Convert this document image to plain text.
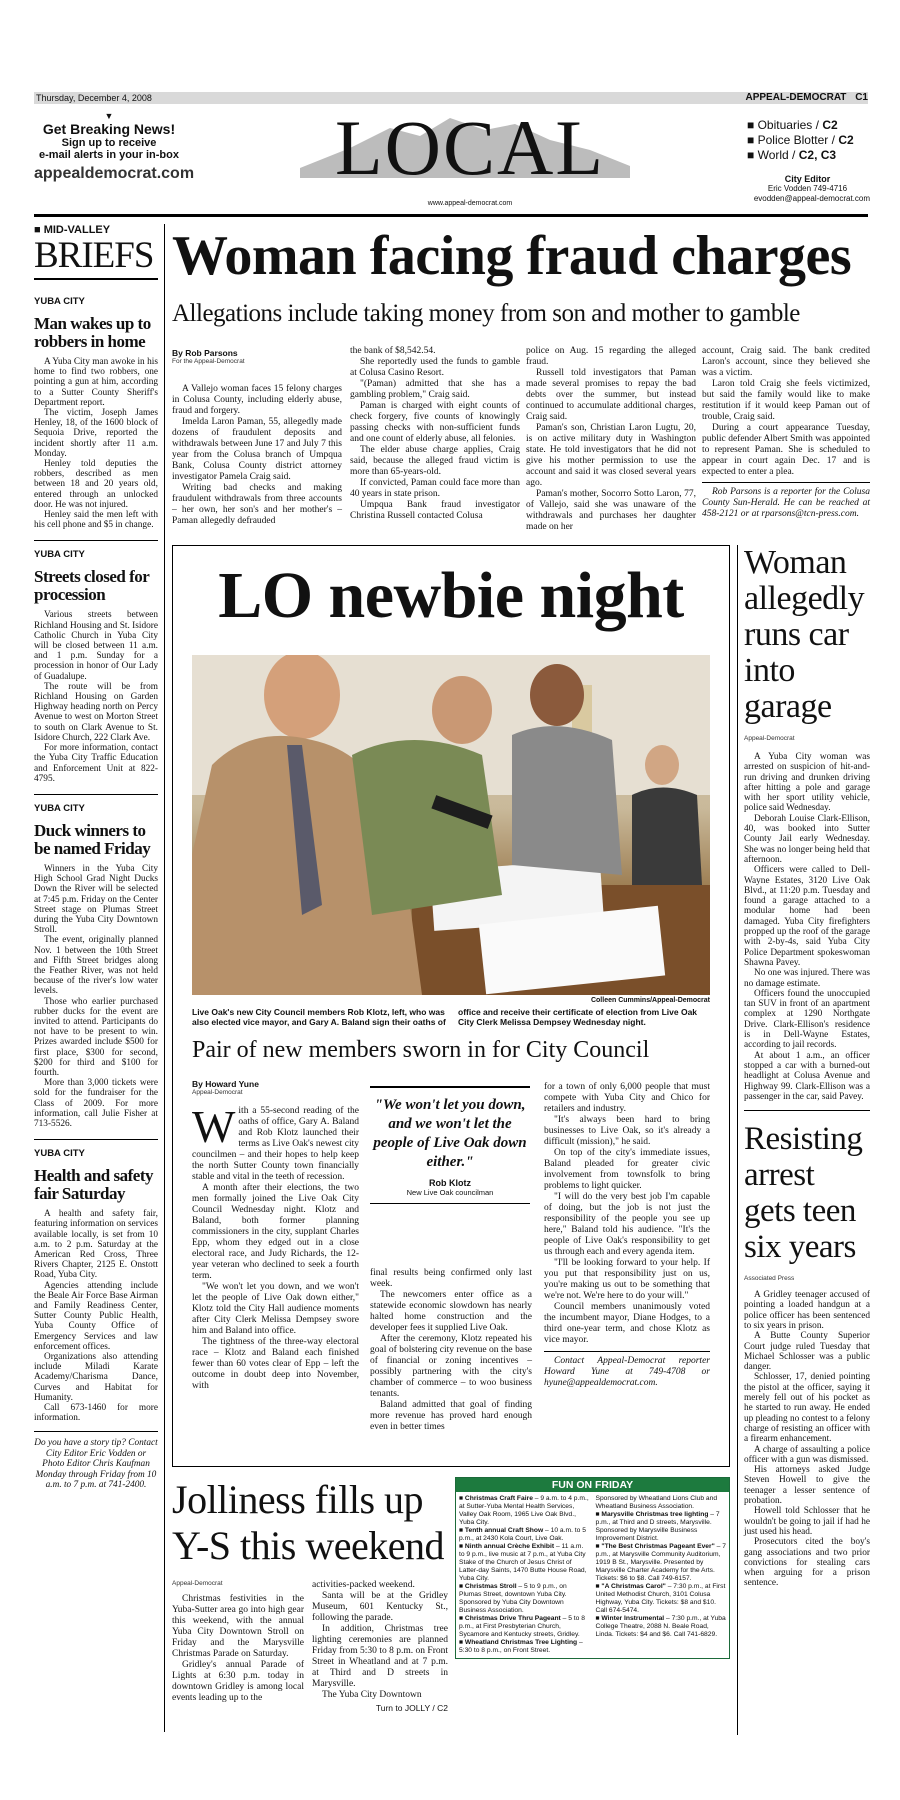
Thursday, December 4, 2008	APPEAL-DEMOCRAT C1
▼
Get Breaking News!
Sign up to receive
e-mail alerts in your in-box
appealdemocrat.com LOCAL
www.appeal-democrat.com
■ Obituaries / C2
■ Police Blotter / C2
■ World / C2, C3
City Editor
Eric Vodden 749-4716
evodden@appeal-democrat.com
■ MID-VALLEY
BRIEFS
YUBA CITY
Man wakes up to robbers in home

A Yuba City man awoke in his home to find two robbers, one pointing a gun at him, according to a Sutter County Sheriff's Department report.

The victim, Joseph James Henley, 18, of the 1600 block of Sequoia Drive, reported the incident shortly after 11 a.m. Monday.

Henley told deputies the robbers, described as men between 18 and 20 years old, entered through an unlocked door. He was not injured.

Henley said the men left with his cell phone and $5 in change.

YUBA CITY
Streets closed for procession

Various streets between Richland Housing and St. Isidore Catholic Church in Yuba City will be closed between 11 a.m. and 1 p.m. Sunday for a procession in honor of Our Lady of Guadalupe.

The route will be from Richland Housing on Garden Highway heading north on Percy Avenue to west on Morton Street to south on Clark Avenue to St. Isidore Church, 222 Clark Ave.

For more information, contact the Yuba City Traffic Education and Enforcement Unit at 822-4795.

YUBA CITY
Duck winners to be named Friday

Winners in the Yuba City High School Grad Night Ducks Down the River will be selected at 7:45 p.m. Friday on the Center Street stage on Plumas Street during the Yuba City Downtown Stroll.

The event, originally planned Nov. 1 between the 10th Street and Fifth Street bridges along the Feather River, was not held because of the river's low water levels.

Those who earlier purchased rubber ducks for the event are invited to attend. Participants do not have to be present to win. Prizes awarded include $500 for first place, $300 for second, $200 for third and $100 for fourth.

More than 3,000 tickets were sold for the fundraiser for the Class of 2009. For more information, call Julie Fisher at 713-5526.

YUBA CITY
Health and safety fair Saturday

A health and safety fair, featuring information on services available locally, is set from 10 a.m. to 2 p.m. Saturday at the American Red Cross, Three Rivers Chapter, 2125 E. Onstott Road, Yuba City.

Agencies attending include the Beale Air Force Base Airman and Family Readiness Center, Sutter County Public Health, Yuba County Office of Emergency Services and law enforcement offices.

Organizations also attending include Miladi Karate Academy/Charisma Dance, Curves and Habitat for Humanity.

Call 673-1460 for more information.

Do you have a story tip? Contact City Editor Eric Vodden or Photo Editor Chris Kaufman Monday through Friday from 10 a.m. to 7 p.m. at 741-2400.
Woman facing fraud charges
Allegations include taking money from son and mother to gamble
By Rob Parsons
For the Appeal-Democrat

A Vallejo woman faces 15 felony charges in Colusa County, including elderly abuse, fraud and forgery.

Imelda Laron Paman, 55, allegedly made dozens of fraudulent deposits and withdrawals between June 17 and July 7 this year from the Colusa branch of Umpqua Bank, Colusa County district attorney investigator Pamela Craig said.

Writing bad checks and making fraudulent withdrawals from three accounts – her own, her son's and her mother's – Paman allegedly defrauded

the bank of $8,542.54.

She reportedly used the funds to gamble at Colusa Casino Resort.

"(Paman) admitted that she has a gambling problem," Craig said.

Paman is charged with eight counts of check forgery, five counts of knowingly passing checks with non-sufficient funds and one count of elderly abuse, all felonies.

The elder abuse charge applies, Craig said, because the alleged fraud victim is more than 65-years-old.

If convicted, Paman could face more than 40 years in state prison.

Umpqua Bank fraud investigator Christina Russell contacted Colusa

police on Aug. 15 regarding the alleged fraud.

Russell told investigators that Paman made several promises to repay the bad debts over the summer, but instead continued to accumulate additional charges, Craig said.

Paman's son, Christian Laron Lugtu, 20, is on active military duty in Washington state. He told investigators that he did not give his mother permission to use the account and said it was closed several years ago.

Paman's mother, Socorro Sotto Laron, 77, of Vallejo, said she was unaware of the withdrawals and purchases her daughter made on her

account, Craig said. The bank credited Laron's account, since they believed she was a victim.

Laron told Craig she feels victimized, but said the family would like to make restitution if it would keep Paman out of trouble, Craig said.

During a court appearance Tuesday, public defender Albert Smith was appointed to represent Paman. She is scheduled to appear in court again Dec. 17 and is expected to enter a plea.

Rob Parsons is a reporter for the Colusa County Sun-Herald. He can be reached at 458-2121 or at rparsons@tcn-press.com.

LO newbie night
Colleen Cummins/Appeal-Democrat
Live Oak's new City Council members Rob Klotz, left, who was also elected vice mayor, and Gary A. Baland sign their oaths of
office and receive their certificate of election from Live Oak City Clerk Melissa Dempsey Wednesday night.
Pair of new members sworn in for City Council
By Howard Yune
Appeal-Democrat
W ith a 55-second reading of the oaths of office, Gary A. Baland and Rob Klotz launched their terms as Live Oak's newest city councilmen – and their hopes to help keep the north Sutter County town financially stable and vital in the teeth of recession.

A month after their elections, the two men formally joined the Live Oak City Council Wednesday night. Klotz and Baland, both former planning commissioners in the city, supplant Charles Epp, whom they edged out in a close electoral race, and Judy Richards, the 12-year veteran who declined to seek a fourth term.

"We won't let you down, and we won't let the people of Live Oak down either," Klotz told the City Hall audience moments after City Clerk Melissa Dempsey swore him and Baland into office.

The tightness of the three-way electoral race – Klotz and Baland each finished fewer than 60 votes clear of Epp – left the outcome in doubt deep into November, with

"We won't let you down, and we won't let the people of Live Oak down either."
Rob Klotz
New Live Oak councilman

final results being confirmed only last week.

The newcomers enter office as a statewide economic slowdown has nearly halted home construction and the developer fees it supplied Live Oak.

After the ceremony, Klotz repeated his goal of bolstering city revenue on the base of financial or zoning incentives – possibly partnering with the city's chamber of commerce – to woo business tenants.

Baland admitted that goal of finding more revenue has proved hard enough even in better times

for a town of only 6,000 people that must compete with Yuba City and Chico for retailers and industry.

"It's always been hard to bring businesses to Live Oak, so it's already a difficult (mission)," he said.

On top of the city's immediate issues, Baland pleaded for greater civic involvement from townsfolk to bring problems to light quicker.

"I will do the very best job I'm capable of doing, but the job is not just the responsibility of the people you see up here," Baland told his audience. "It's the people of Live Oak's responsibility to get us through each and every agenda item.

"I'll be looking forward to your help. If you put that responsibility just on us, you're making us out to be something that we're not. We're here to do your will."

Council members unanimously voted the incumbent mayor, Diane Hodges, to a third one-year term, and chose Klotz as vice mayor.

Contact Appeal-Democrat reporter Howard Yune at 749-4708 or hyune@appealdemocrat.com.

Woman allegedly runs car into garage
Appeal-Democrat

A Yuba City woman was arrested on suspicion of hit-and-run driving and drunken driving after hitting a pole and garage with her sport utility vehicle, police said Wednesday.

Deborah Louise Clark-Ellison, 40, was booked into Sutter County Jail early Wednesday. She was no longer being held that afternoon.

Officers were called to Dell-Wayne Estates, 3120 Live Oak Blvd., at 11:20 p.m. Tuesday and found a garage attached to a modular home had been damaged. Yuba City firefighters propped up the roof of the garage with 2-by-4s, said Yuba City Police Department spokeswoman Shawna Pavey.

No one was injured. There was no damage estimate.

Officers found the unoccupied tan SUV in front of an apartment complex at 1290 Northgate Drive. Clark-Ellison's residence is in Dell-Wayne Estates, according to jail records.

At about 1 a.m., an officer stopped a car with a burned-out headlight at Colusa Avenue and Highway 99. Clark-Ellison was a passenger in the car, said Pavey.

Resisting arrest gets teen six years
Associated Press

A Gridley teenager accused of pointing a loaded handgun at a police officer has been sentenced to six years in prison.

A Butte County Superior Court judge ruled Tuesday that Michael Schlosser was a public danger.

Schlosser, 17, denied pointing the pistol at the officer, saying it merely fell out of his pocket as he started to run away. He ended up pleading no contest to a felony charge of resisting an officer with a firearm enhancement.

A charge of assaulting a police officer with a gun was dismissed.

His attorneys asked Judge Steven Howell to give the teenager a lesser sentence of probation.

Howell told Schlosser that he wouldn't be going to jail if had he just used his head.

Prosecutors cited the boy's gang associations and two prior convictions for stealing cars when arguing for a prison sentence.

Jolliness fills up Y-S this weekend
Appeal-Democrat

Christmas festivities in the Yuba-Sutter area go into high gear this weekend, with the annual Yuba City Downtown Stroll on Friday and the Marysville Christmas Parade on Saturday.

Gridley's annual Parade of Lights at 6:30 p.m. today in downtown Gridley is among local events leading up to the

activities-packed weekend.

Santa will be at the Gridley Museum, 601 Kentucky St., following the parade.

In addition, Christmas tree lighting ceremonies are planned Friday from 5:30 to 8 p.m. on Front Street in Wheatland and at 7 p.m. at Third and D streets in Marysville.

The Yuba City Downtown

Turn to JOLLY / C2
FUN ON FRIDAY
■ Christmas Craft Faire – 9 a.m. to 4 p.m., at Sutter-Yuba Mental Health Services, Valley Oak Room, 1965 Live Oak Blvd., Yuba City.
■ Tenth annual Craft Show – 10 a.m. to 5 p.m., at 2430 Kola Court, Live Oak.
■ Ninth annual Crèche Exhibit – 11 a.m. to 9 p.m., live music at 7 p.m., at Yuba City Stake of the Church of Jesus Christ of Latter-day Saints, 1470 Butte House Road, Yuba City.
■ Christmas Stroll – 5 to 9 p.m., on Plumas Street, downtown Yuba City. Sponsored by Yuba City Downtown Business Association.
■ Christmas Drive Thru Pageant – 5 to 8 p.m., at First Presbyterian Church, Sycamore and Kentucky streets, Gridley.
■ Wheatland Christmas Tree Lighting – 5:30 to 8 p.m., on Front Street.
Sponsored by Wheatland Lions Club and Wheatland Business Association.
■ Marysville Christmas tree lighting – 7 p.m., at Third and D streets, Marysville. Sponsored by Marysville Business Improvement District.
■ "The Best Christmas Pageant Ever" – 7 p.m., at Marysville Community Auditorium, 1919 B St., Marysville. Presented by Marysville Charter Academy for the Arts. Tickets: $6 to $8. Call 749-6157.
■ "A Christmas Carol" – 7:30 p.m., at First United Methodist Church, 3101 Colusa Highway, Yuba City. Tickets: $8 and $10. Call 674-5474.
■ Winter Instrumental – 7:30 p.m., at Yuba College Theatre, 2088 N. Beale Road, Linda. Tickets: $4 and $6. Call 741-6829.
